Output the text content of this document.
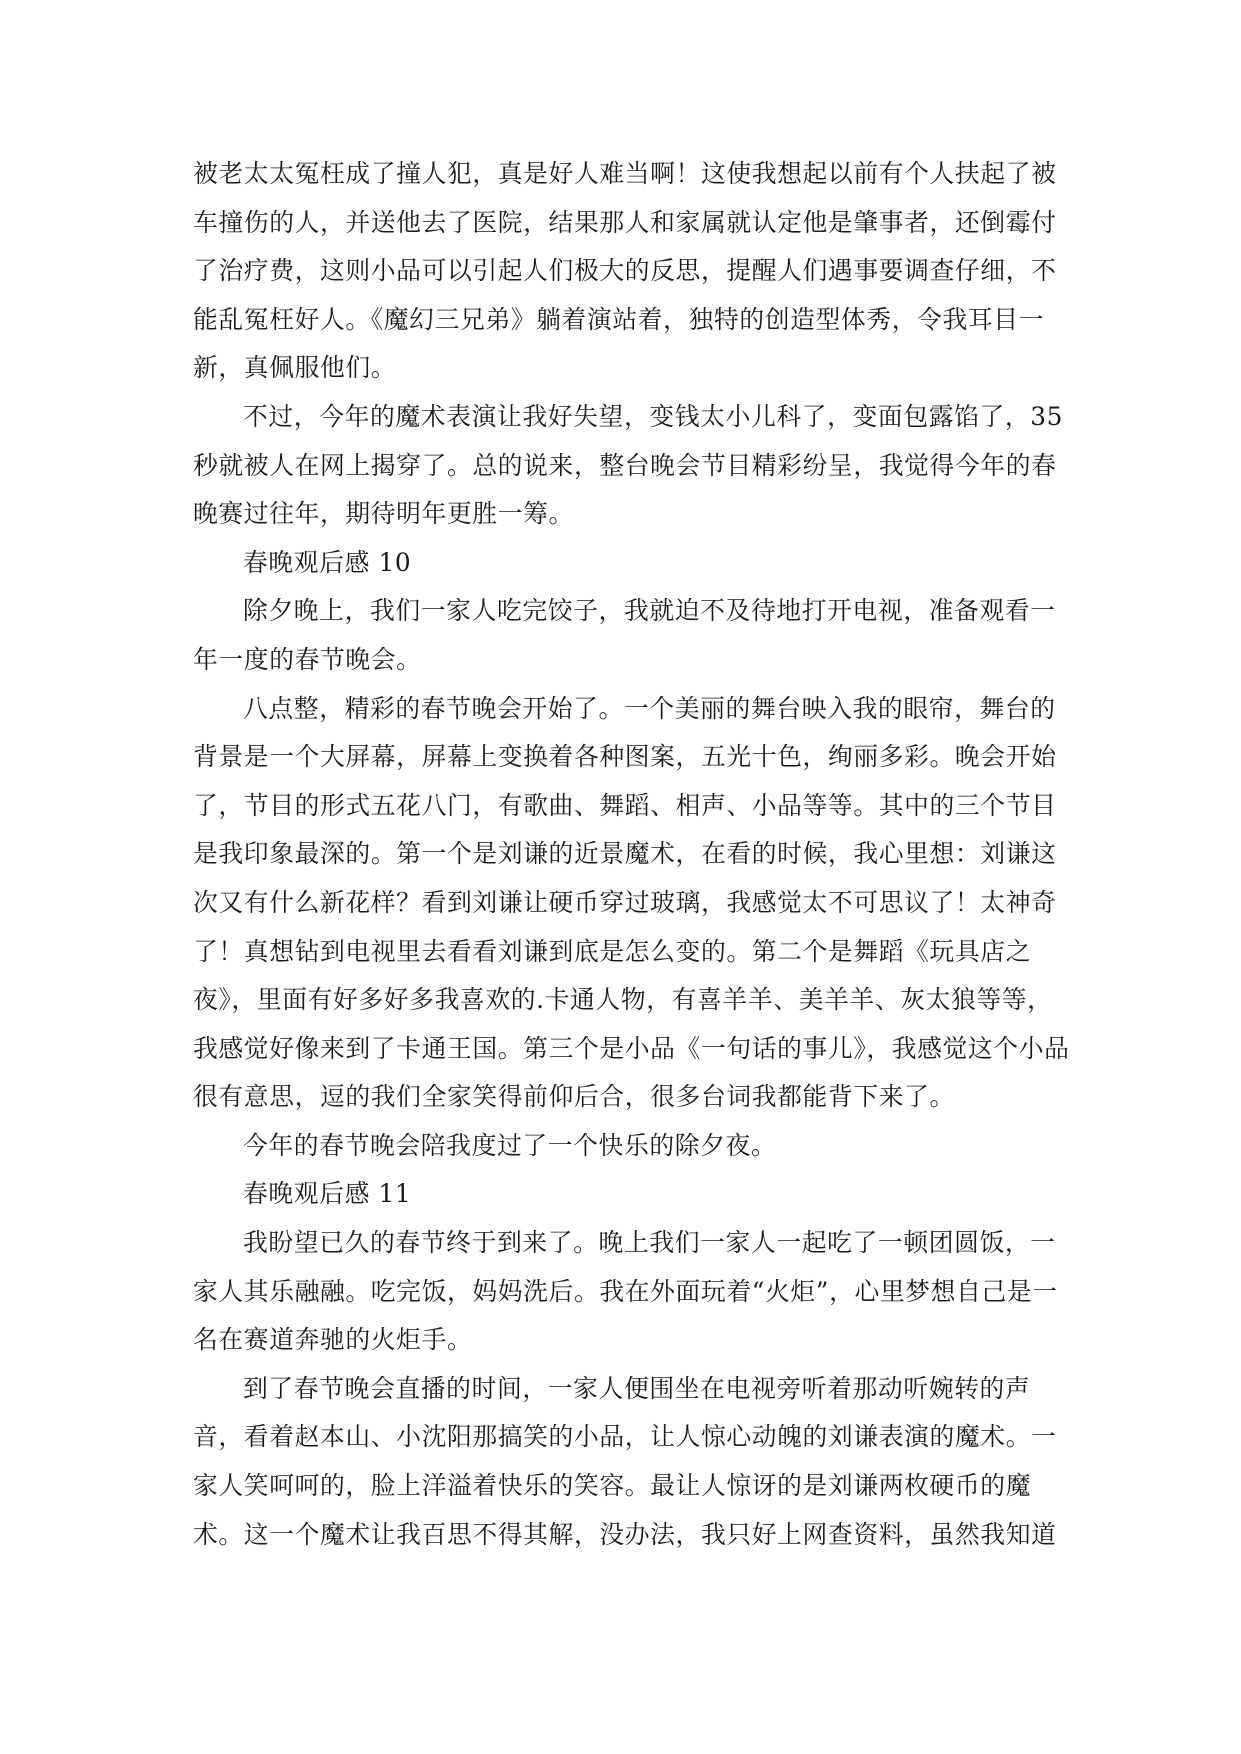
被老太太冤枉成了撞人犯，真是好人难当啊！这使我想起以前有个人扶起了被
车撞伤的人，并送他去了医院，结果那人和家属就认定他是肇事者，还倒霉付
了治疗费，这则小品可以引起人们极大的反思，提醒人们遇事要调查仔细，不
能乱冤枉好人。《魔幻三兄弟》躺着演站着，独特的创造型体秀，令我耳目一
新，真佩服他们。
不过，今年的魔术表演让我好失望，变钱太小儿科了，变面包露馅了，35
秒就被人在网上揭穿了。总的说来，整台晚会节目精彩纷呈，我觉得今年的春
晚赛过往年，期待明年更胜一筹。
春晚观后感 10
除夕晚上，我们一家人吃完饺子，我就迫不及待地打开电视，准备观看一
年一度的春节晚会。
八点整，精彩的春节晚会开始了。一个美丽的舞台映入我的眼帘，舞台的
背景是一个大屏幕，屏幕上变换着各种图案，五光十色，绚丽多彩。晚会开始
了，节目的形式五花八门，有歌曲、舞蹈、相声、小品等等。其中的三个节目
是我印象最深的。第一个是刘谦的近景魔术，在看的时候，我心里想：刘谦这
次又有什么新花样？看到刘谦让硬币穿过玻璃，我感觉太不可思议了！太神奇
了！真想钻到电视里去看看刘谦到底是怎么变的。第二个是舞蹈《玩具店之
夜》，里面有好多好多我喜欢的.卡通人物，有喜羊羊、美羊羊、灰太狼等等，
我感觉好像来到了卡通王国。第三个是小品《一句话的事儿》，我感觉这个小品
很有意思，逗的我们全家笑得前仰后合，很多台词我都能背下来了。
今年的春节晚会陪我度过了一个快乐的除夕夜。
春晚观后感 11
我盼望已久的春节终于到来了。晚上我们一家人一起吃了一顿团圆饭，一
家人其乐融融。吃完饭，妈妈洗后。我在外面玩着“火炬”，心里梦想自己是一
名在赛道奔驰的火炬手。
到了春节晚会直播的时间，一家人便围坐在电视旁听着那动听婉转的声
音，看着赵本山、小沈阳那搞笑的小品，让人惊心动魄的刘谦表演的魔术。一
家人笑呵呵的，脸上洋溢着快乐的笑容。最让人惊讶的是刘谦两枚硬币的魔
术。这一个魔术让我百思不得其解，没办法，我只好上网查资料，虽然我知道
